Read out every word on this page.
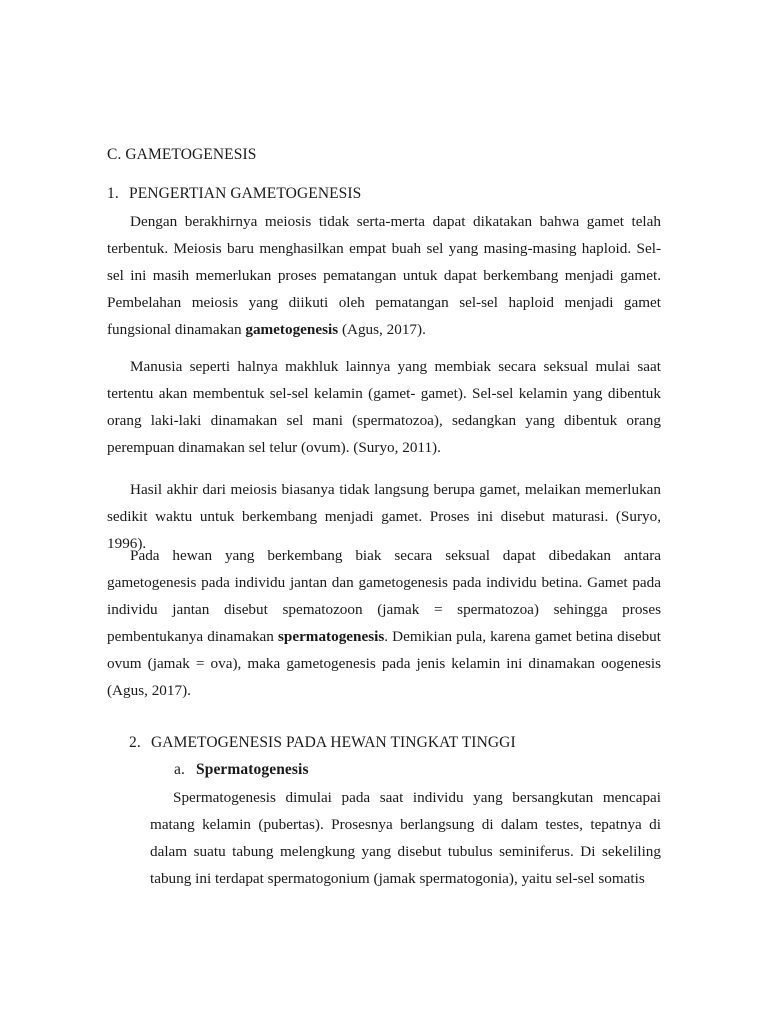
C. GAMETOGENESIS
1. PENGERTIAN GAMETOGENESIS

Dengan berakhirnya meiosis tidak serta-merta dapat dikatakan bahwa gamet telah terbentuk. Meiosis baru menghasilkan empat buah sel yang masing-masing haploid. Sel-sel ini masih memerlukan proses pematangan untuk dapat berkembang menjadi gamet. Pembelahan meiosis yang diikuti oleh pematangan sel-sel haploid menjadi gamet fungsional dinamakan gametogenesis (Agus, 2017).

Manusia seperti halnya makhluk lainnya yang membiak secara seksual mulai saat tertentu akan membentuk sel-sel kelamin (gamet- gamet). Sel-sel kelamin yang dibentuk orang laki-laki dinamakan sel mani (spermatozoa), sedangkan yang dibentuk orang perempuan dinamakan sel telur (ovum). (Suryo, 2011).

Hasil akhir dari meiosis biasanya tidak langsung berupa gamet, melaikan memerlukan sedikit waktu untuk berkembang menjadi gamet. Proses ini disebut maturasi. (Suryo, 1996).

Pada hewan yang berkembang biak secara seksual dapat dibedakan antara gametogenesis pada individu jantan dan gametogenesis pada individu betina. Gamet pada individu jantan disebut spematozoon (jamak = spermatozoa) sehingga proses pembentukanya dinamakan spermatogenesis. Demikian pula, karena gamet betina disebut ovum (jamak = ova), maka gametogenesis pada jenis kelamin ini dinamakan oogenesis (Agus, 2017).

2. GAMETOGENESIS PADA HEWAN TINGKAT TINGGI
a. Spermatogenesis

Spermatogenesis dimulai pada saat individu yang bersangkutan mencapai matang kelamin (pubertas). Prosesnya berlangsung di dalam testes, tepatnya di dalam suatu tabung melengkung yang disebut tubulus seminiferus. Di sekeliling tabung ini terdapat spermatogonium (jamak spermatogonia), yaitu sel-sel somatis
